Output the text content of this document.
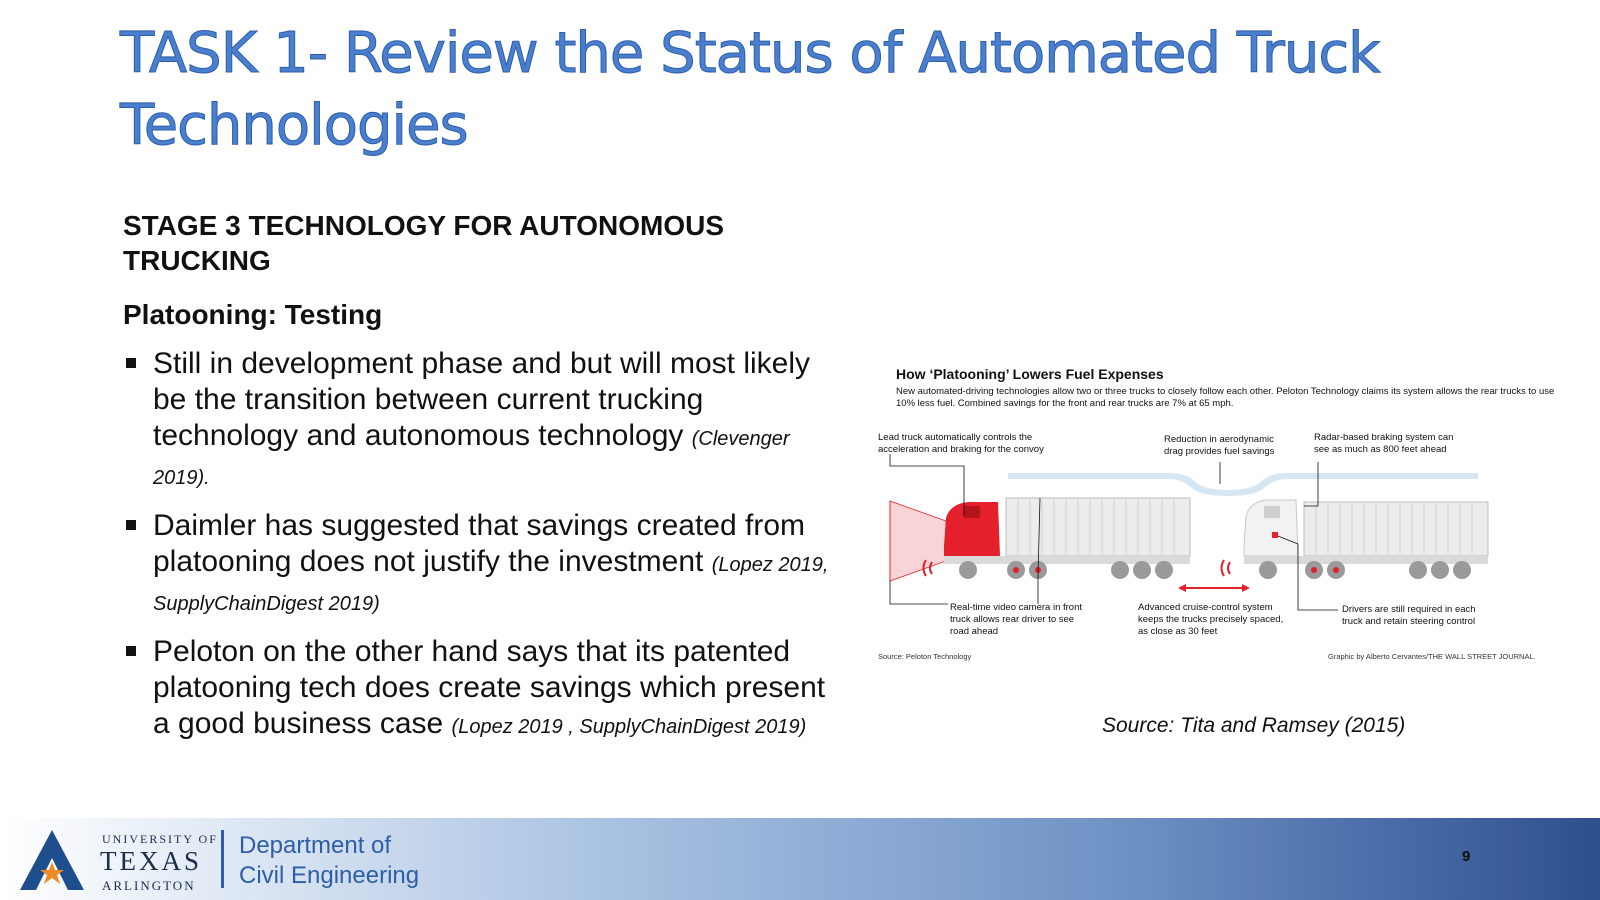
TASK 1- Review the Status of Automated Truck Technologies

STAGE 3 TECHNOLOGY FOR AUTONOMOUS TRUCKING

Platooning: Testing

Still in development phase and but will most likely be the transition between current trucking technology and autonomous technology (Clevenger 2019).
Daimler has suggested that savings created from platooning does not justify the investment (Lopez 2019, SupplyChainDigest 2019)
Peloton on the other hand says that its patented platooning tech does create savings which present a good business case (Lopez 2019 , SupplyChainDigest 2019)

How ‘Platooning’ Lowers Fuel Expenses

New automated-driving technologies allow two or three trucks to closely follow each other. Peloton Technology claims its system allows the rear trucks to use 10% less fuel. Combined savings for the front and rear trucks are 7% at 65 mph.

Lead truck automatically controls the acceleration and braking for the convoy

Reduction in aerodynamic drag provides fuel savings

Radar-based braking system can see as much as 800 feet ahead

Real-time video camera in front truck allows rear driver to see road ahead

Advanced cruise-control system keeps the trucks precisely spaced, as close as 30 feet

Drivers are still required in each truck and retain steering control

Source: Peloton Technology	Graphic by Alberto Cervantes/THE WALL STREET JOURNAL.

Source: Tita and Ramsey (2015)

UNIVERSITY OF

TEXAS

ARLINGTON

Department of

Civil Engineering

9
